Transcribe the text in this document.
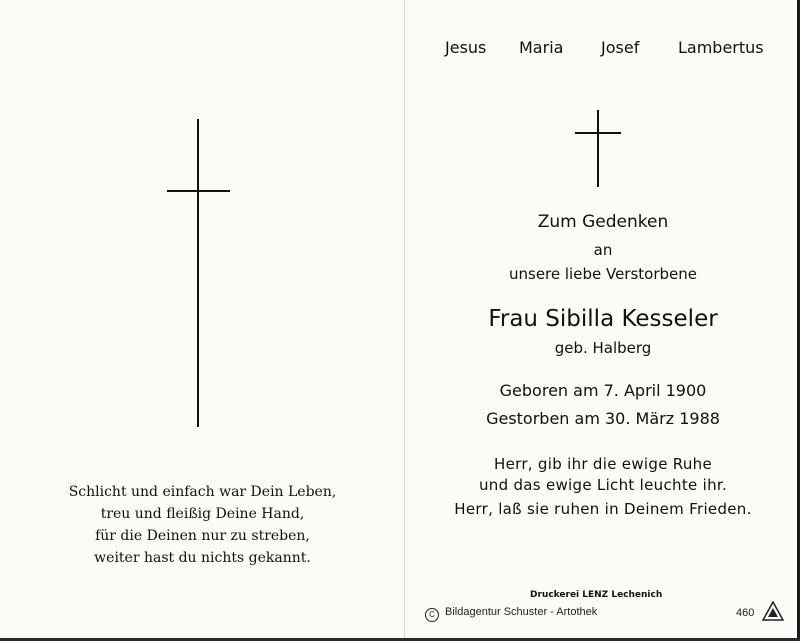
Schlicht und einfach war Dein Leben,
treu und fleißig Deine Hand,
für die Deinen nur zu streben,
weiter hast du nichts gekannt.
Jesus Maria Josef Lambertus
Zum Gedenken
an
unsere liebe Verstorbene
Frau Sibilla Kesseler
geb. Halberg
Geboren am 7. April 1900
Gestorben am 30. März 1988
Herr, gib ihr die ewige Ruhe
und das ewige Licht leuchte ihr.
Herr, laß sie ruhen in Deinem Frieden.
Druckerei LENZ Lechenich
C Bildagentur Schuster - Artothek	460
